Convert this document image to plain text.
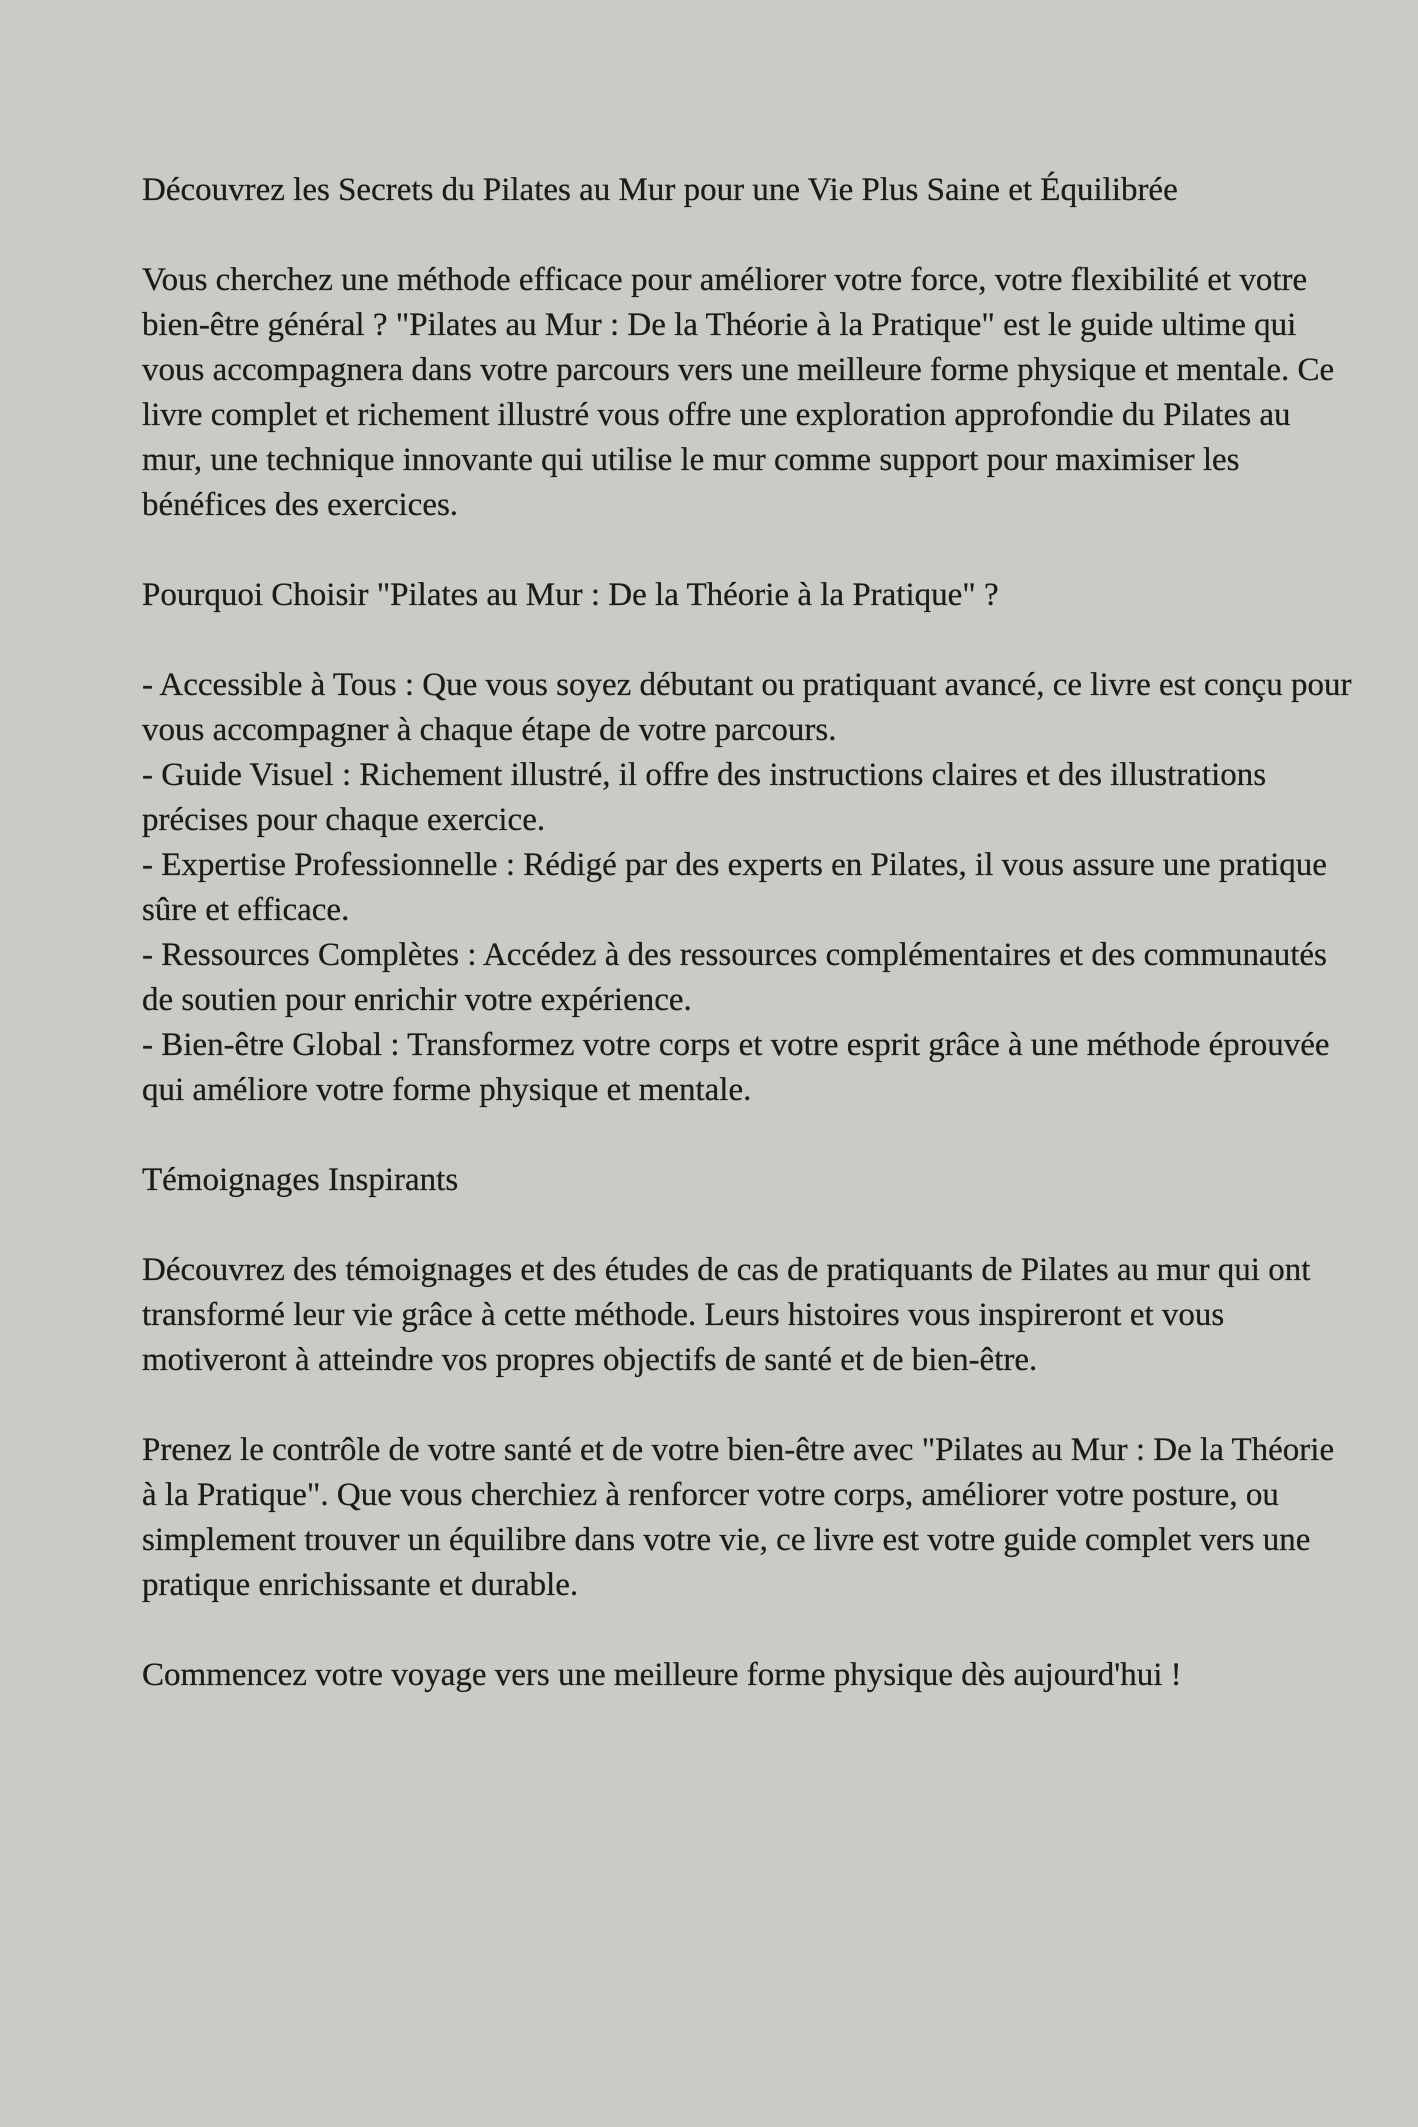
Découvrez les Secrets du Pilates au Mur pour une Vie Plus Saine et Équilibrée

Vous cherchez une méthode efficace pour améliorer votre force, votre flexibilité et votre bien-être général ? "Pilates au Mur : De la Théorie à la Pratique" est le guide ultime qui vous accompagnera dans votre parcours vers une meilleure forme physique et mentale. Ce livre complet et richement illustré vous offre une exploration approfondie du Pilates au mur, une technique innovante qui utilise le mur comme support pour maximiser les bénéfices des exercices.

Pourquoi Choisir "Pilates au Mur : De la Théorie à la Pratique" ?

- Accessible à Tous : Que vous soyez débutant ou pratiquant avancé, ce livre est conçu pour vous accompagner à chaque étape de votre parcours.
- Guide Visuel : Richement illustré, il offre des instructions claires et des illustrations précises pour chaque exercice.
- Expertise Professionnelle : Rédigé par des experts en Pilates, il vous assure une pratique sûre et efficace.
- Ressources Complètes : Accédez à des ressources complémentaires et des communautés de soutien pour enrichir votre expérience.
- Bien-être Global : Transformez votre corps et votre esprit grâce à une méthode éprouvée qui améliore votre forme physique et mentale.

Témoignages Inspirants

Découvrez des témoignages et des études de cas de pratiquants de Pilates au mur qui ont transformé leur vie grâce à cette méthode. Leurs histoires vous inspireront et vous motiveront à atteindre vos propres objectifs de santé et de bien-être.

Prenez le contrôle de votre santé et de votre bien-être avec "Pilates au Mur : De la Théorie à la Pratique". Que vous cherchiez à renforcer votre corps, améliorer votre posture, ou simplement trouver un équilibre dans votre vie, ce livre est votre guide complet vers une pratique enrichissante et durable.

Commencez votre voyage vers une meilleure forme physique dès aujourd'hui !
